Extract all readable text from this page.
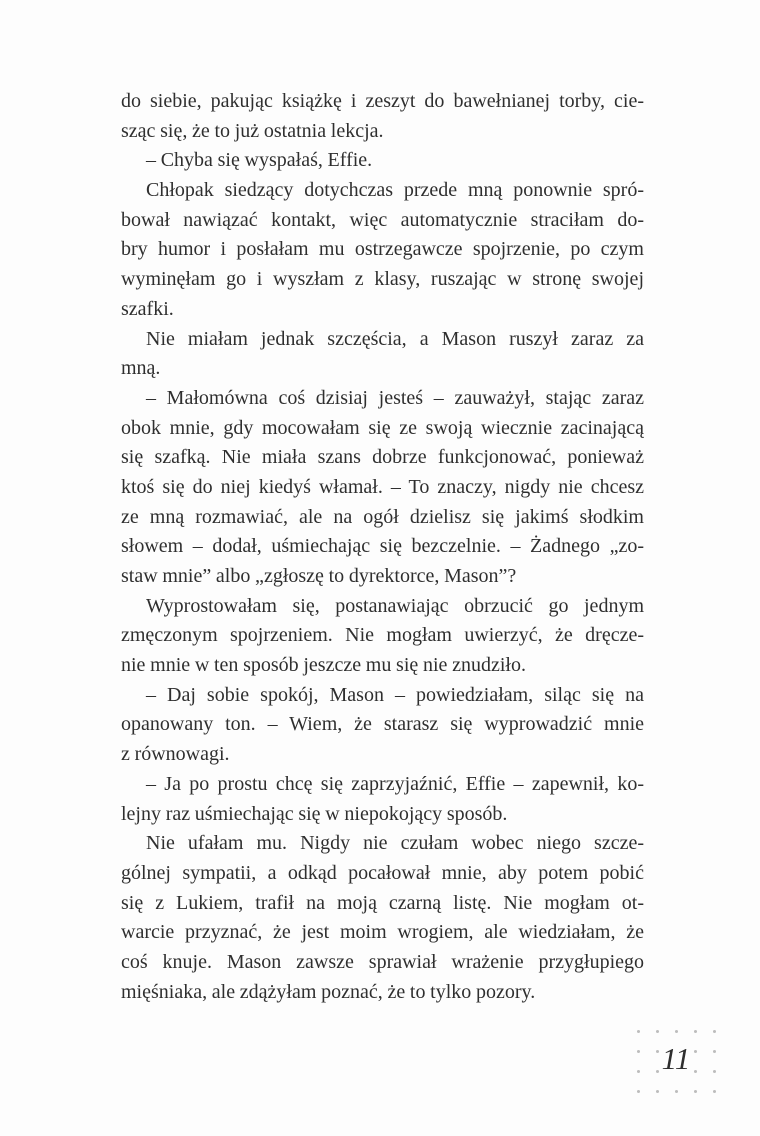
do siebie, pakując książkę i zeszyt do bawełnianej torby, cie-
sząc się, że to już ostatnia lekcja.
– Chyba się wyspałaś, Effie.
Chłopak siedzący dotychczas przede mną ponownie spró-
bował nawiązać kontakt, więc automatycznie straciłam do-
bry humor i posłałam mu ostrzegawcze spojrzenie, po czym
wyminęłam go i wyszłam z klasy, ruszając w stronę swojej
szafki.
Nie miałam jednak szczęścia, a Mason ruszył zaraz za
mną.
– Małomówna coś dzisiaj jesteś – zauważył, stając zaraz
obok mnie, gdy mocowałam się ze swoją wiecznie zacinającą
się szafką. Nie miała szans dobrze funkcjonować, ponieważ
ktoś się do niej kiedyś włamał. – To znaczy, nigdy nie chcesz
ze mną rozmawiać, ale na ogół dzielisz się jakimś słodkim
słowem – dodał, uśmiechając się bezczelnie. – Żadnego „zo-
staw mnie” albo „zgłoszę to dyrektorce, Mason”?
Wyprostowałam się, postanawiając obrzucić go jednym
zmęczonym spojrzeniem. Nie mogłam uwierzyć, że dręcze-
nie mnie w ten sposób jeszcze mu się nie znudziło.
– Daj sobie spokój, Mason – powiedziałam, siląc się na
opanowany ton. – Wiem, że starasz się wyprowadzić mnie
z równowagi.
– Ja po prostu chcę się zaprzyjaźnić, Effie – zapewnił, ko-
lejny raz uśmiechając się w niepokojący sposób.
Nie ufałam mu. Nigdy nie czułam wobec niego szcze-
gólnej sympatii, a odkąd pocałował mnie, aby potem pobić
się z Lukiem, trafił na moją czarną listę. Nie mogłam ot-
warcie przyznać, że jest moim wrogiem, ale wiedziałam, że
coś knuje. Mason zawsze sprawiał wrażenie przygłupiego
mięśniaka, ale zdążyłam poznać, że to tylko pozory.
11
